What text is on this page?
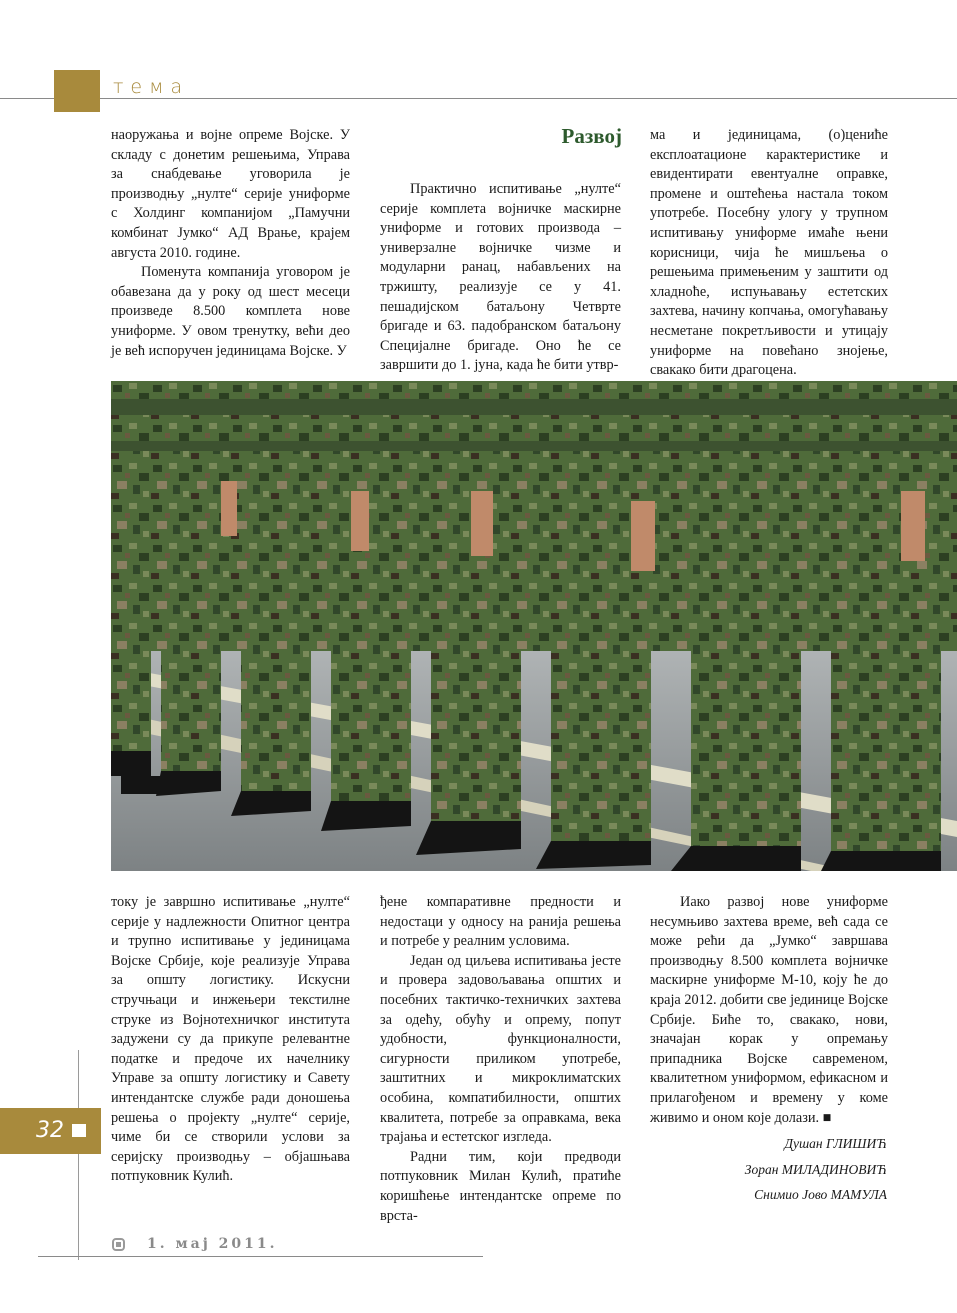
тема

наоружања и војне опреме Војске. У складу с донетим решењима, Управа за снабдевање уговорила је производњу „нулте“ серије униформе с Холдинг компанијом „Памучни комбинат Јумко“ АД Врање, крајем августа 2010. године.

Поменута компанија уговором је обавезана да у року од шест месеци произведе 8.500 комплета нове униформе. У овом тренутку, већи део је већ испоручен јединицама Војске. У

Развој

Практично испитивање „нулте“ серије комплета војничке маскирне униформе и готових производа – универзалне војничке чизме и модуларни ранац, набављених на тржишту, реализује се у 41. пешадијском батаљону Четврте бригаде и 63. падобранском батаљону Специјалне бригаде. Оно ће се завршити до 1. јуна, када ће бити утвр-

ма и јединицама, (о)ценићe експлоатационе карактеристике и евидентирати евентуалне оправке, промене и оштећења настала током употребе. Посебну улогу у трупном испитивању униформе имаће њени корисници, чија ће мишљења о решењима примењеним у заштити од хладноће, испуњавању естетских захтева, начину копчања, омогућавању несметане покретљивости и утицају униформе на повећано знојење, свакако бити драгоцена.

току је завршно испитивање „нулте“ серије у надлежности Опитног центра и трупно испитивање у јединицама Војске Србије, које реализује Управа за општу логистику. Искусни стручњаци и инжењери текстилне струке из Војнотехничког института задужени су да прикупе релевантне податке и предоче их начелнику Управе за општу логистику и Савету интендантске службе ради доношења решења о пројекту „нулте“ серије, чиме би се створили услови за серијску производњу – објашњава потпуковник Кулић.

ђене компаративне предности и недостаци у односу на ранија решења и потребе у реалним условима.

Један од циљева испитивања јесте и провера задовољавања општих и посебних тактичко-техничких захтева за одећу, обућу и опрему, попут удобности, функционалности, сигурности приликом употребе, заштитних и микроклиматских особина, компатибилности, општих квалитета, потребе за оправкама, века трајања и естетског изгледа.

Радни тим, који предводи потпуковник Милан Кулић, пратиће коришћење интендантске опреме по врста-

Иако развој нове униформе несумњиво захтева време, већ сада се може рећи да „Јумко“ завршава производњу 8.500 комплета војничке маскирне униформе М-10, коју ће до краја 2012. добити све јединице Војске Србије. Биће то, свакако, нови, значајан корак у опремању припадника Војске савременом, квалитетном униформом, ефикасном и прилагођеном и времену у коме живимо и оном које долази. ■

Душан ГЛИШИЋ
Зоран МИЛАДИНОВИЋ
Снимио Јово МАМУЛА
32
1. мај 2011.
